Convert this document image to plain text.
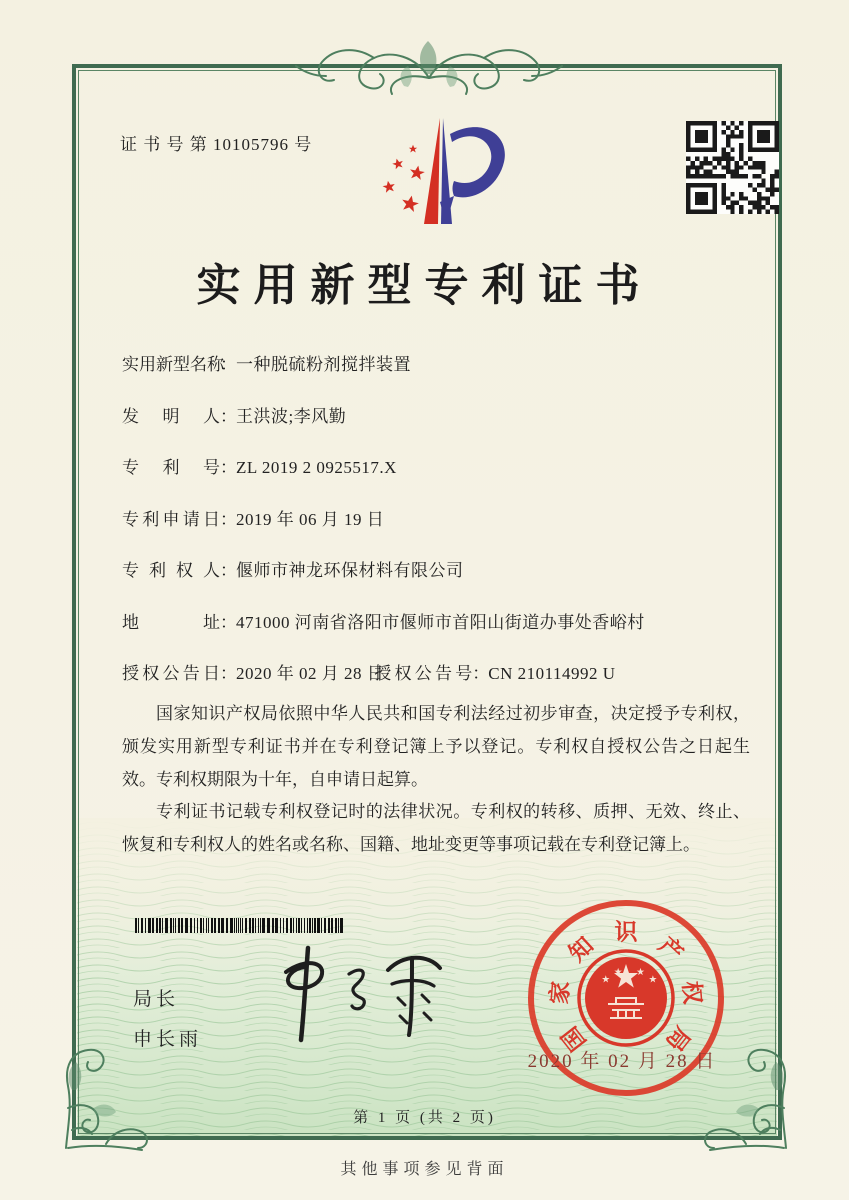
证 书 号 第 10105796 号
实用新型专利证书
实用新型名称：一种脱硫粉剂搅拌装置
发明人：王洪波;李风勤
专利号：ZL 2019 2 0925517.X
专利申请日：2019 年 06 月 19 日
专利权人：偃师市神龙环保材料有限公司
地址：471000 河南省洛阳市偃师市首阳山街道办事处香峪村
授权公告日：2020 年 02 月 28 日 授权公告号：CN 210114992 U

国家知识产权局依照中华人民共和国专利法经过初步审查，决定授予专利权，颁发实用新型专利证书并在专利登记簿上予以登记。专利权自授权公告之日起生效。专利权期限为十年，自申请日起算。

专利证书记载专利权登记时的法律状况。专利权的转移、质押、无效、终止、恢复和专利权人的姓名或名称、国籍、地址变更等事项记载在专利登记簿上。

局长
申长雨	国
家
知
识
产
权
局
2020 年 02 月 28 日
第 1 页 (共 2 页)
其他事项参见背面
